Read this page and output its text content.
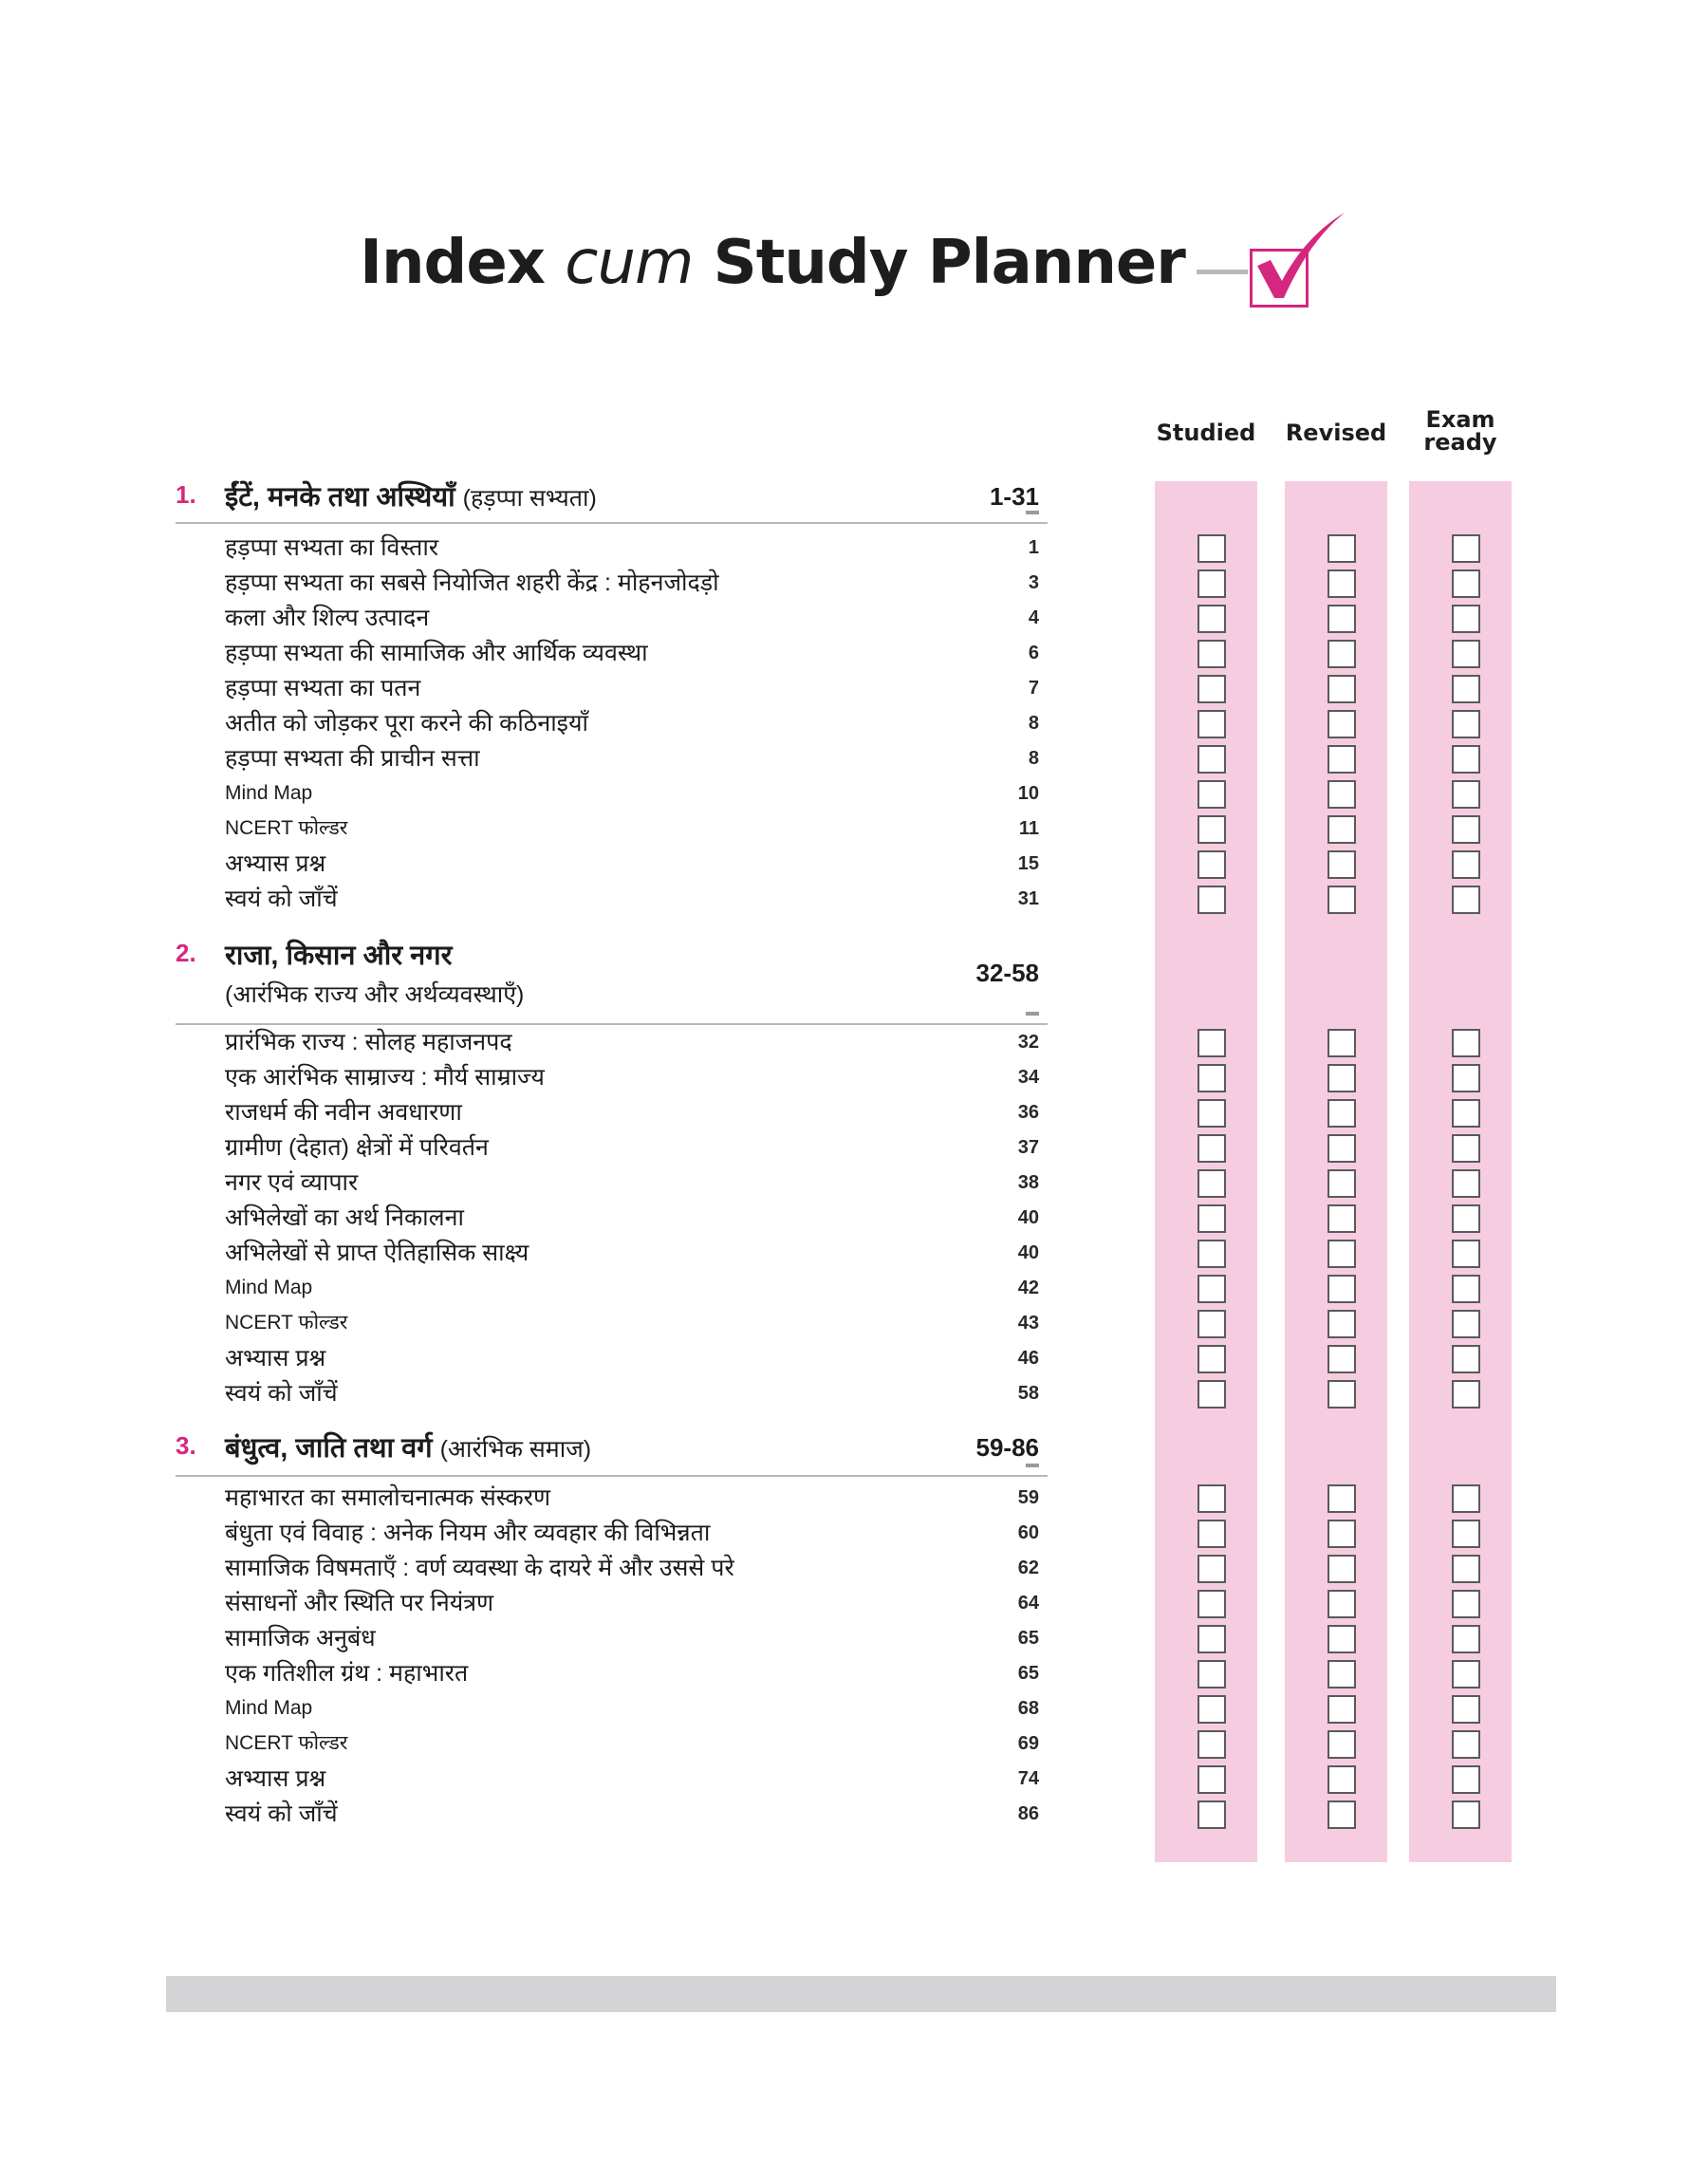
Index cum Study Planner
Studied Revised	Exam
ready
1. ईंटें, मनके तथा अस्थियाँ (हड़प्पा सभ्यता)	1-31
हड़प्पा सभ्यता का विस्तार	1
हड़प्पा सभ्यता का सबसे नियोजित शहरी केंद्र : मोहनजोदड़ो	3
कला और शिल्प उत्पादन	4
हड़प्पा सभ्यता की सामाजिक और आर्थिक व्यवस्था	6
हड़प्पा सभ्यता का पतन	7
अतीत को जोड़कर पूरा करने की कठिनाइयाँ	8
हड़प्पा सभ्यता की प्राचीन सत्ता	8
Mind Map	10
NCERT फोल्डर	11
अभ्यास प्रश्न	15
स्वयं को जाँचें	31
2. राजा, किसान और नगर
(आरंभिक राज्य और अर्थव्यवस्थाएँ)
32-58
प्रारंभिक राज्य : सोलह महाजनपद	32
एक आरंभिक साम्राज्य : मौर्य साम्राज्य	34
राजधर्म की नवीन अवधारणा	36
ग्रामीण (देहात) क्षेत्रों में परिवर्तन	37
नगर एवं व्यापार	38
अभिलेखों का अर्थ निकालना	40
अभिलेखों से प्राप्त ऐतिहासिक साक्ष्य	40
Mind Map	42
NCERT फोल्डर	43
अभ्यास प्रश्न	46
स्वयं को जाँचें	58
3. बंधुत्व, जाति तथा वर्ग (आरंभिक समाज)	59-86
महाभारत का समालोचनात्मक संस्करण	59
बंधुता एवं विवाह : अनेक नियम और व्यवहार की विभिन्नता	60
सामाजिक विषमताएँ : वर्ण व्यवस्था के दायरे में और उससे परे	62
संसाधनों और स्थिति पर नियंत्रण	64
सामाजिक अनुबंध	65
एक गतिशील ग्रंथ : महाभारत	65
Mind Map	68
NCERT फोल्डर	69
अभ्यास प्रश्न	74
स्वयं को जाँचें	86
